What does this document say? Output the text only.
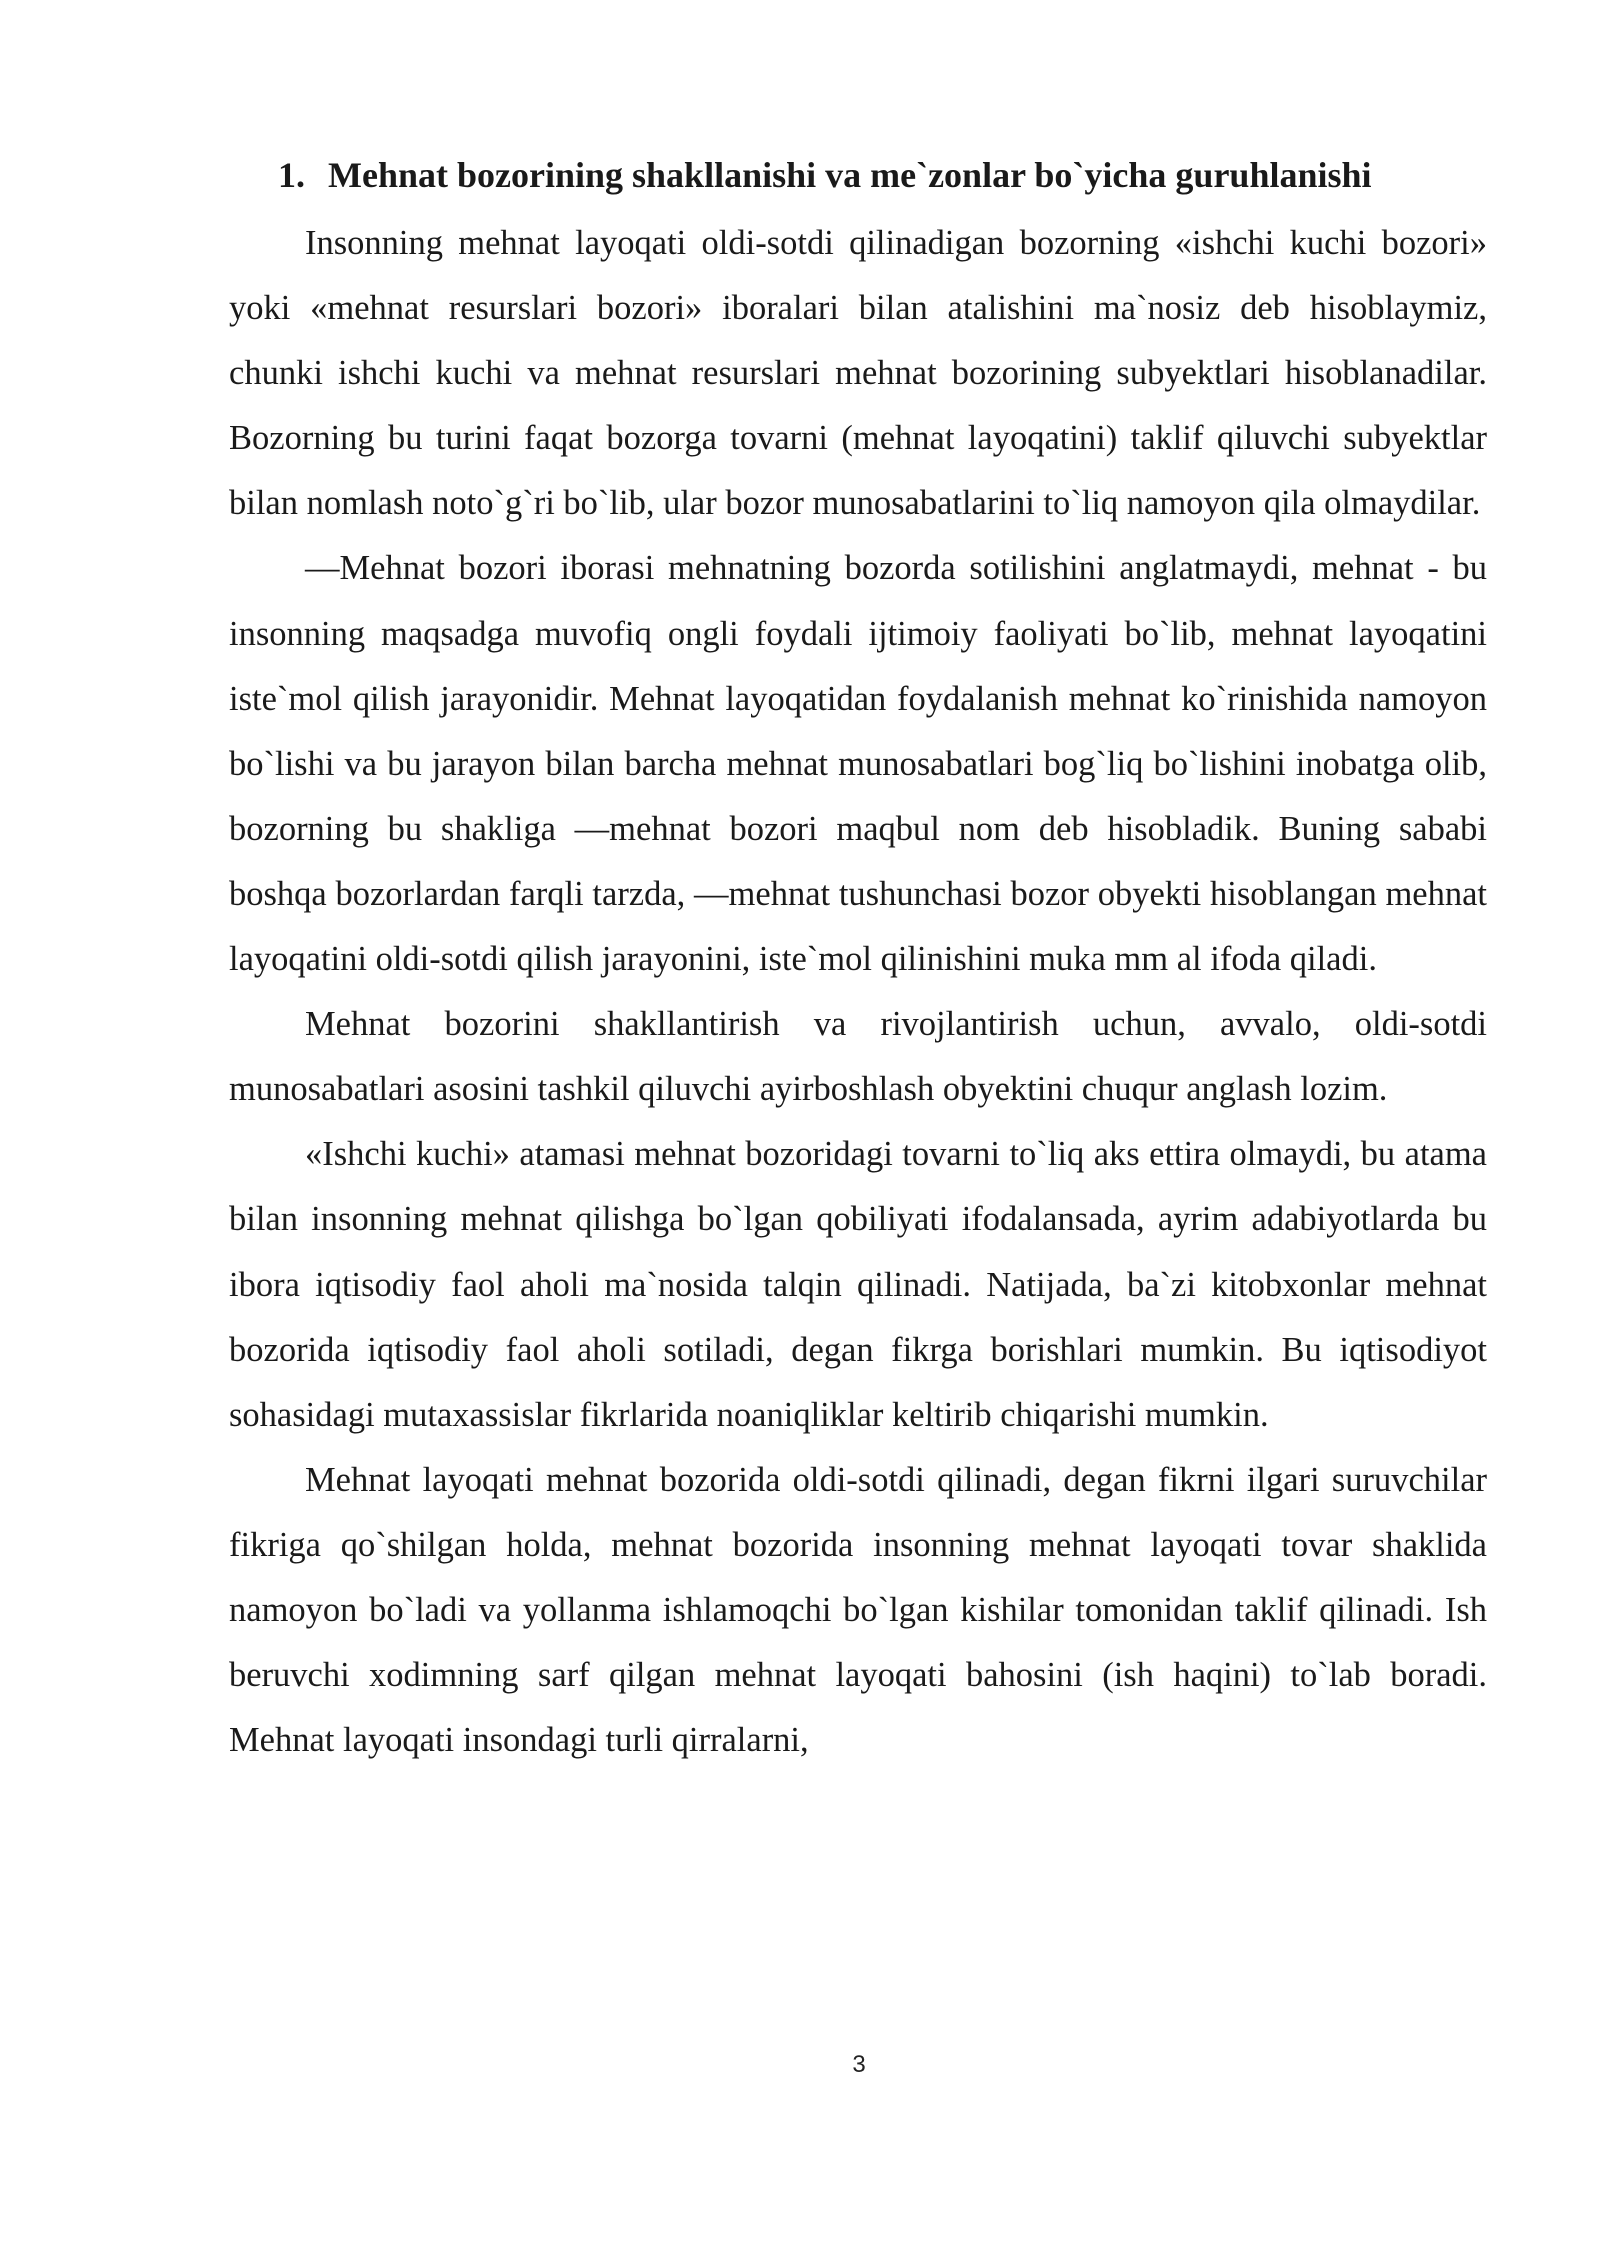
1. Mehnat bozorining shakllanishi va me`zonlar bo`yicha guruhlanishi

Insonning mehnat layoqati oldi-sotdi qilinadigan bozorning «ishchi kuchi bozori» yoki «mehnat resurslari bozori» iboralari bilan atalishini ma`nosiz deb hisoblaymiz, chunki ishchi kuchi va mehnat resurslari mehnat bozorining subyektlari hisoblanadilar. Bozorning bu turini faqat bozorga tovarni (mehnat layoqatini) taklif qiluvchi subyektlar bilan nomlash noto`g`ri bo`lib, ular bozor munosabatlarini to`liq namoyon qila olmaydilar.

—Mehnat bozori iborasi mehnatning bozorda sotilishini anglatmaydi, mehnat - bu insonning maqsadga muvofiq ongli foydali ijtimoiy faoliyati bo`lib, mehnat layoqatini iste`mol qilish jarayonidir. Mehnat layoqatidan foydalanish mehnat ko`rinishida namoyon bo`lishi va bu jarayon bilan barcha mehnat munosabatlari bog`liq bo`lishini inobatga olib, bozorning bu shakliga —mehnat bozori maqbul nom deb hisobladik. Buning sababi boshqa bozorlardan farqli tarzda, —mehnat tushunchasi bozor obyekti hisoblangan mehnat layoqatini oldi-sotdi qilish jarayonini, iste`mol qilinishini muka mm al ifoda qiladi.

Mehnat bozorini shakllantirish va rivojlantirish uchun, avvalo, oldi-sotdi munosabatlari asosini tashkil qiluvchi ayirboshlash obyektini chuqur anglash lozim.

«Ishchi kuchi» atamasi mehnat bozoridagi tovarni to`liq aks ettira olmaydi, bu atama bilan insonning mehnat qilishga bo`lgan qobiliyati ifodalansada, ayrim adabiyotlarda bu ibora iqtisodiy faol aholi ma`nosida talqin qilinadi. Natijada, ba`zi kitobxonlar mehnat bozorida iqtisodiy faol aholi sotiladi, degan fikrga borishlari mumkin. Bu iqtisodiyot sohasidagi mutaxassislar fikrlarida noaniqliklar keltirib chiqarishi mumkin.

Mehnat layoqati mehnat bozorida oldi-sotdi qilinadi, degan fikrni ilgari suruvchilar fikriga qo`shilgan holda, mehnat bozorida insonning mehnat layoqati tovar shaklida namoyon bo`ladi va yollanma ishlamoqchi bo`lgan kishilar tomonidan taklif qilinadi. Ish beruvchi xodimning sarf qilgan mehnat layoqati bahosini (ish haqini) to`lab boradi. Mehnat layoqati insondagi turli qirralarni,

3
